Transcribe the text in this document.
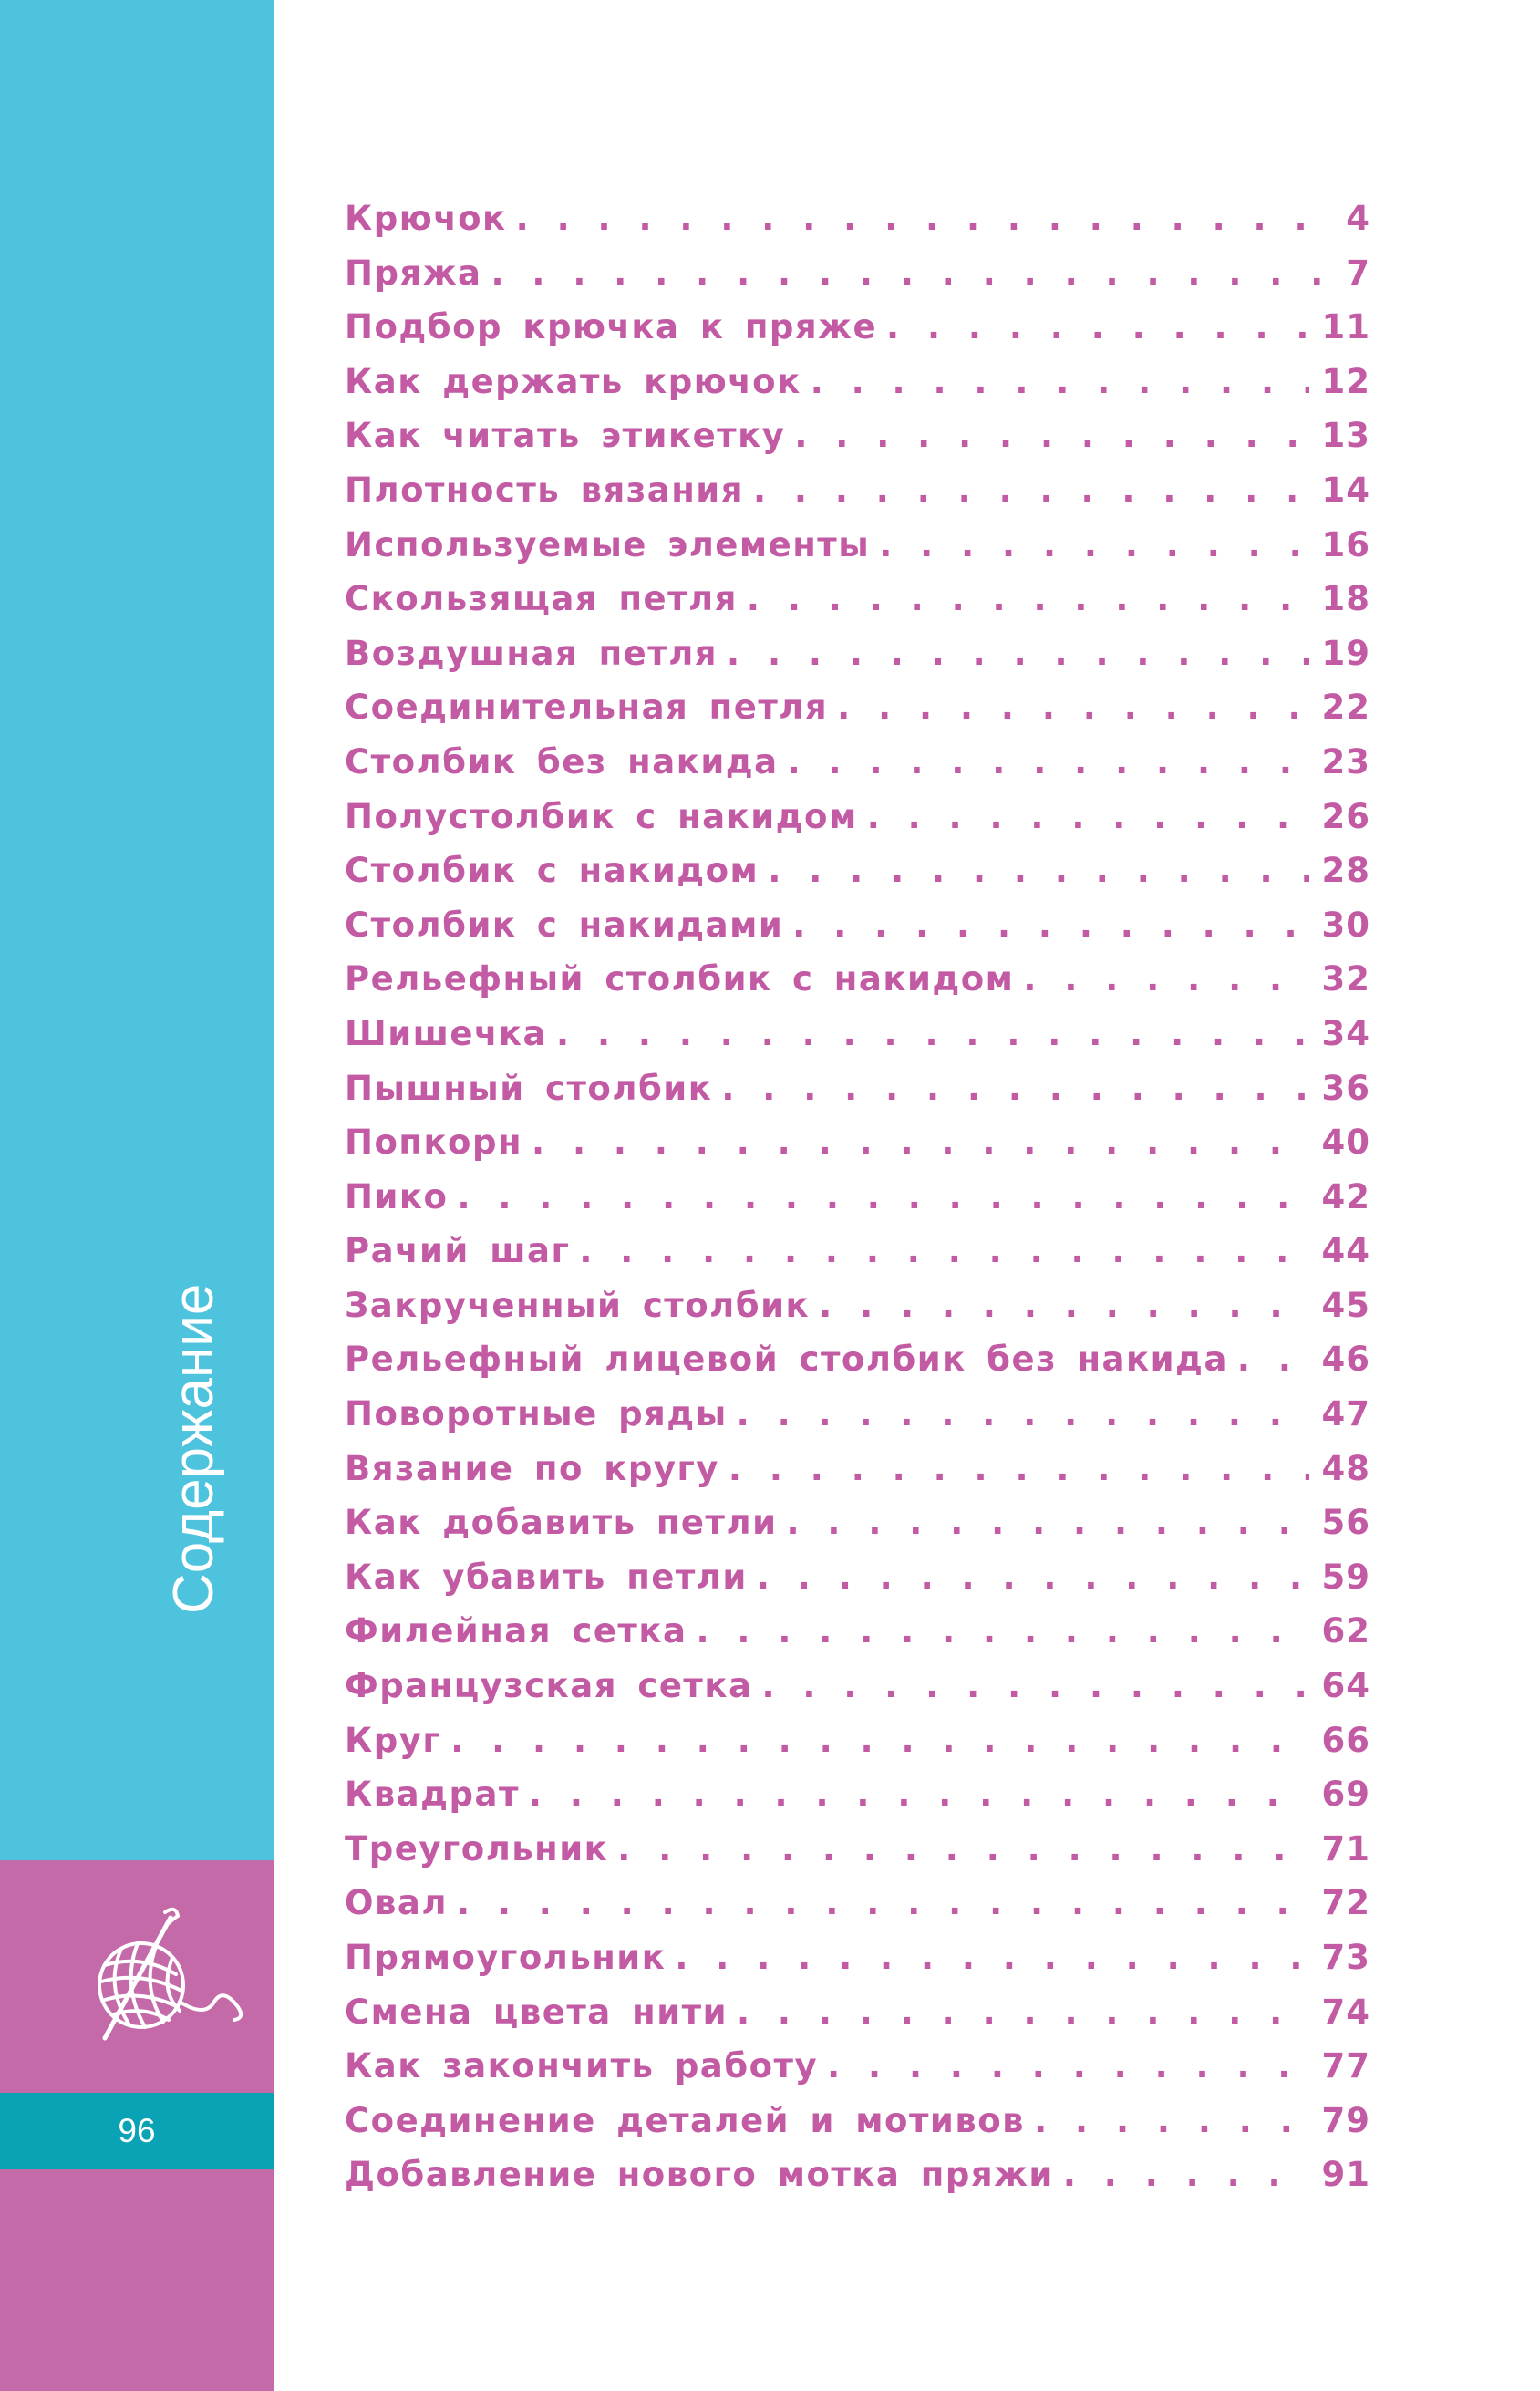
Содержание
96
Крючок . . .	4
Пряжа . . .	7
Подбор крючка к пряже . . .	11
Как держать крючок . . .	12
Как читать этикетку . . .	13
Плотность вязания . . .	14
Используемые элементы . . .	16
Скользящая петля . . .	18
Воздушная петля . . .	19
Соединительная петля . . .	22
Столбик без накида . . .	23
Полустолбик с накидом . . .	26
Столбик с накидом . . .	28
Столбик с накидами . . .	30
Рельефный столбик с накидом . . .	32
Шишечка . . .	34
Пышный столбик . . .	36
Попкорн . . .	40
Пико . . .	42
Рачий шаг . . .	44
Закрученный столбик . . .	45
Рельефный лицевой столбик без накида . . .	46
Поворотные ряды . . .	47
Вязание по кругу . . .	48
Как добавить петли . . .	56
Как убавить петли . . .	59
Филейная сетка . . .	62
Французская сетка . . .	64
Круг . . .	66
Квадрат . . .	69
Треугольник . . .	71
Овал . . .	72
Прямоугольник . . .	73
Смена цвета нити . . .	74
Как закончить работу . . .	77
Соединение деталей и мотивов . . .	79
Добавление нового мотка пряжи . . .	91
